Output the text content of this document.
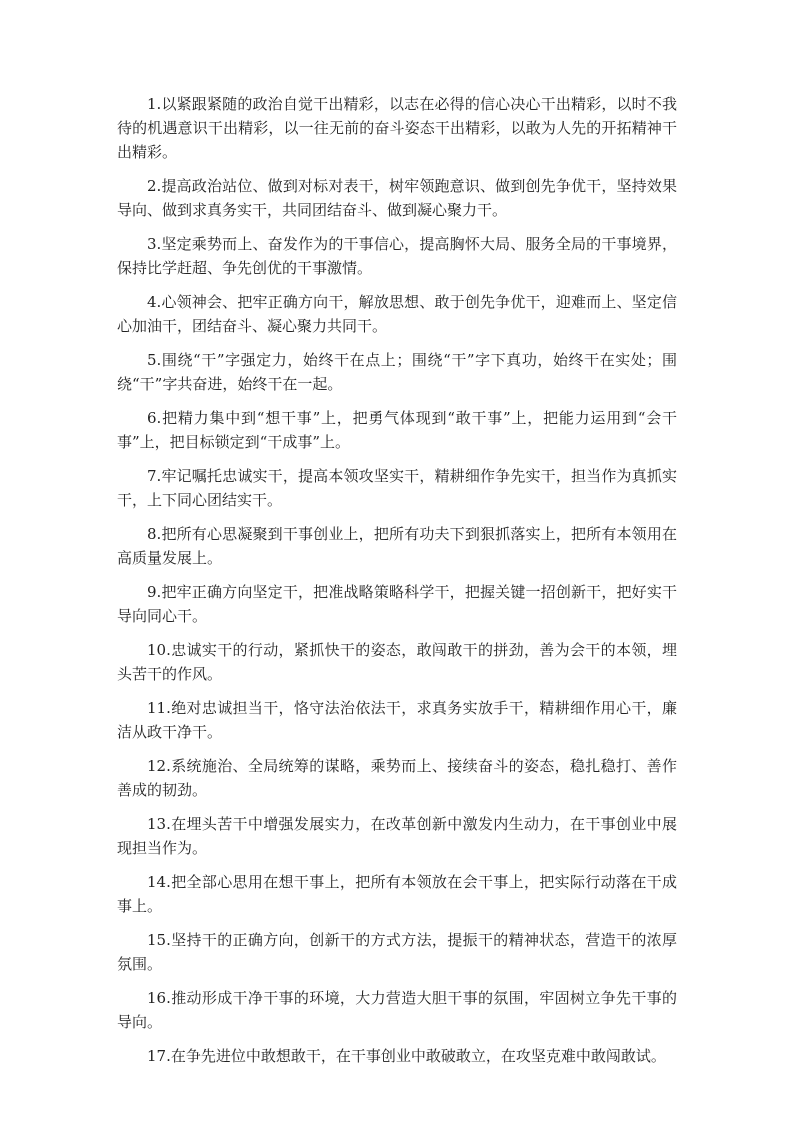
1.以紧跟紧随的政治自觉干出精彩，以志在必得的信心决心干出精彩，以时不我待的机遇意识干出精彩，以一往无前的奋斗姿态干出精彩，以敢为人先的开拓精神干出精彩。

2.提高政治站位、做到对标对表干，树牢领跑意识、做到创先争优干，坚持效果导向、做到求真务实干，共同团结奋斗、做到凝心聚力干。

3.坚定乘势而上、奋发作为的干事信心，提高胸怀大局、服务全局的干事境界，保持比学赶超、争先创优的干事激情。

4.心领神会、把牢正确方向干，解放思想、敢于创先争优干，迎难而上、坚定信心加油干，团结奋斗、凝心聚力共同干。

5.围绕“干”字强定力，始终干在点上；围绕“干”字下真功，始终干在实处；围绕“干”字共奋进，始终干在一起。

6.把精力集中到“想干事”上，把勇气体现到“敢干事”上，把能力运用到“会干事”上，把目标锁定到“干成事”上。

7.牢记嘱托忠诚实干，提高本领攻坚实干，精耕细作争先实干，担当作为真抓实干，上下同心团结实干。

8.把所有心思凝聚到干事创业上，把所有功夫下到狠抓落实上，把所有本领用在高质量发展上。

9.把牢正确方向坚定干，把准战略策略科学干，把握关键一招创新干，把好实干导向同心干。

10.忠诚实干的行动，紧抓快干的姿态，敢闯敢干的拼劲，善为会干的本领，埋头苦干的作风。

11.绝对忠诚担当干，恪守法治依法干，求真务实放手干，精耕细作用心干，廉洁从政干净干。

12.系统施治、全局统筹的谋略，乘势而上、接续奋斗的姿态，稳扎稳打、善作善成的韧劲。

13.在埋头苦干中增强发展实力，在改革创新中激发内生动力，在干事创业中展现担当作为。

14.把全部心思用在想干事上，把所有本领放在会干事上，把实际行动落在干成事上。

15.坚持干的正确方向，创新干的方式方法，提振干的精神状态，营造干的浓厚氛围。

16.推动形成干净干事的环境，大力营造大胆干事的氛围，牢固树立争先干事的导向。

17.在争先进位中敢想敢干，在干事创业中敢破敢立，在攻坚克难中敢闯敢试。
